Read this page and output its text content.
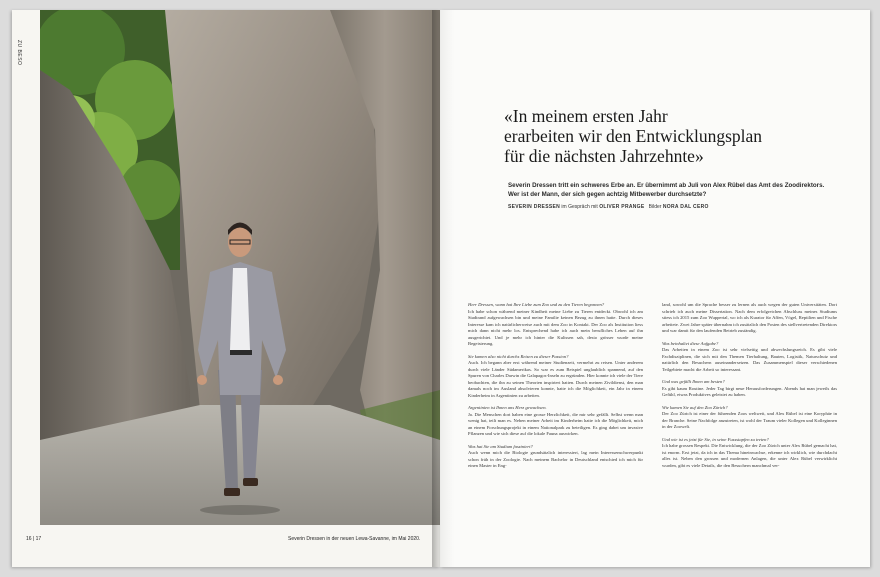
ZU BESO
16 | 17	Severin Dressen in der neuen Lewa-Savanne, im Mai 2020.
«In meinem ersten Jahr
erarbeiten wir den Entwicklungsplan
für die nächsten Jahrzehnte»
Severin Dressen tritt ein schweres Erbe an. Er übernimmt ab Juli von Alex Rübel das Amt des Zoodirektors. Wer ist der Mann, der sich gegen achtzig Mitbewerber durchsetzte?
SEVERIN DRESSEN im Gespräch mit OLIVER PRANGE Bilder NORA DAL CERO

Herr Dressen, wann hat Ihre Liebe zum Zoo und zu den Tieren begonnen?
Ich habe schon während meiner Kindheit meine Liebe zu Tieren entdeckt. Obwohl ich am Stadtrand aufgewachsen bin und meine Familie keinen Bezug zu ihnen hatte. Durch dieses Interesse kam ich natürlicherweise auch mit dem Zoo in Kontakt. Der Zoo als Institution liess mich dann nicht mehr los. Entsprechend habe ich auch mein berufliches Leben auf ihn ausgerichtet. Und je mehr ich hinter die Kulissen sah, desto grösser wurde meine Begeisterung.

Sie kamen also nicht durchs Reisen zu dieser Passion?
Auch. Ich begann aber erst während meiner Studienzeit, vermehrt zu reisen. Unter anderem durch viele Länder Südamerikas. So war es zum Beispiel unglaublich spannend, auf den Spuren von Charles Darwin die Galapagos-Inseln zu ergründen. Hier konnte ich viele der Tiere beobachten, die ihn zu seinen Theorien inspiriert hatten. Durch meinen Zivildienst, den man damals noch im Ausland absolvieren konnte, hatte ich die Möglichkeit, ein Jahr in einem Kinderheim in Argentinien zu arbeiten.

Argentinien ist Ihnen ans Herz gewachsen.
Ja. Die Menschen dort haben eine grosse Herzlichkeit, die mir sehr gefällt. Selbst wenn man wenig hat, teilt man es. Neben meiner Arbeit im Kinderheim hatte ich die Möglichkeit, mich an einem Forschungsprojekt in einem Nationalpark zu beteiligen. Es ging dabei um invasive Pflanzen und wie sich diese auf die lokale Fauna auswirken.

Was hat Sie am Studium fasziniert?
Auch wenn mich die Biologie grundsätzlich interessiert, lag mein Interessenschwerpunkt schon früh in der Zoologie. Nach meinem Bachelor in Deutschland entschied ich mich für einen Master in Eng-

land, sowohl um die Sprache besser zu lernen als auch wegen der guten Universitäten. Dort schrieb ich auch meine Dissertation. Nach dem erfolgreichen Abschluss meines Studiums stiess ich 2015 zum Zoo Wuppertal, wo ich als Kurator für Affen, Vögel, Reptilien und Fische arbeitete. Zwei Jahre später übernahm ich zusätzlich den Posten des stellvertretenden Direktors und war damit für den laufenden Betrieb zuständig.

Was beinhaltet diese Aufgabe?
Das Arbeiten in einem Zoo ist sehr vielseitig und abwechslungsreich. Es gibt viele Fachdisziplinen, die sich mit den Themen Tierhaltung, Bauten, Logistik, Naturschutz und natürlich den Besuchern auseinandersetzen. Das Zusammenspiel dieser verschiedenen Teilgebiete macht die Arbeit so interessant.

Und was gefällt Ihnen am besten?
Es gibt kaum Routine. Jeder Tag birgt neue Herausforderungen. Abends hat man jeweils das Gefühl, etwas Produktives geleistet zu haben.

Wie kamen Sie auf den Zoo Zürich?
Der Zoo Zürich ist einer der führenden Zoos weltweit, und Alex Rübel ist eine Koryphäe in der Branche. Seine Nachfolge anzutreten, ist wohl der Traum vieler Kollegen und Kolleginnen in der Zoowelt.

Und wie ist es jetzt für Sie, in seine Fussstapfen zu treten?
Ich habe grossen Respekt. Die Entwicklung, die der Zoo Zürich unter Alex Rübel gemacht hat, ist enorm. Erst jetzt, da ich in das Thema hineinwachse, erkenne ich wirklich, wie durchdacht alles ist. Neben den grossen und modernen Anlagen, die unter Alex Rübel verwirklicht wurden, gibt es viele Details, die den Besuchern manchmal ver-
